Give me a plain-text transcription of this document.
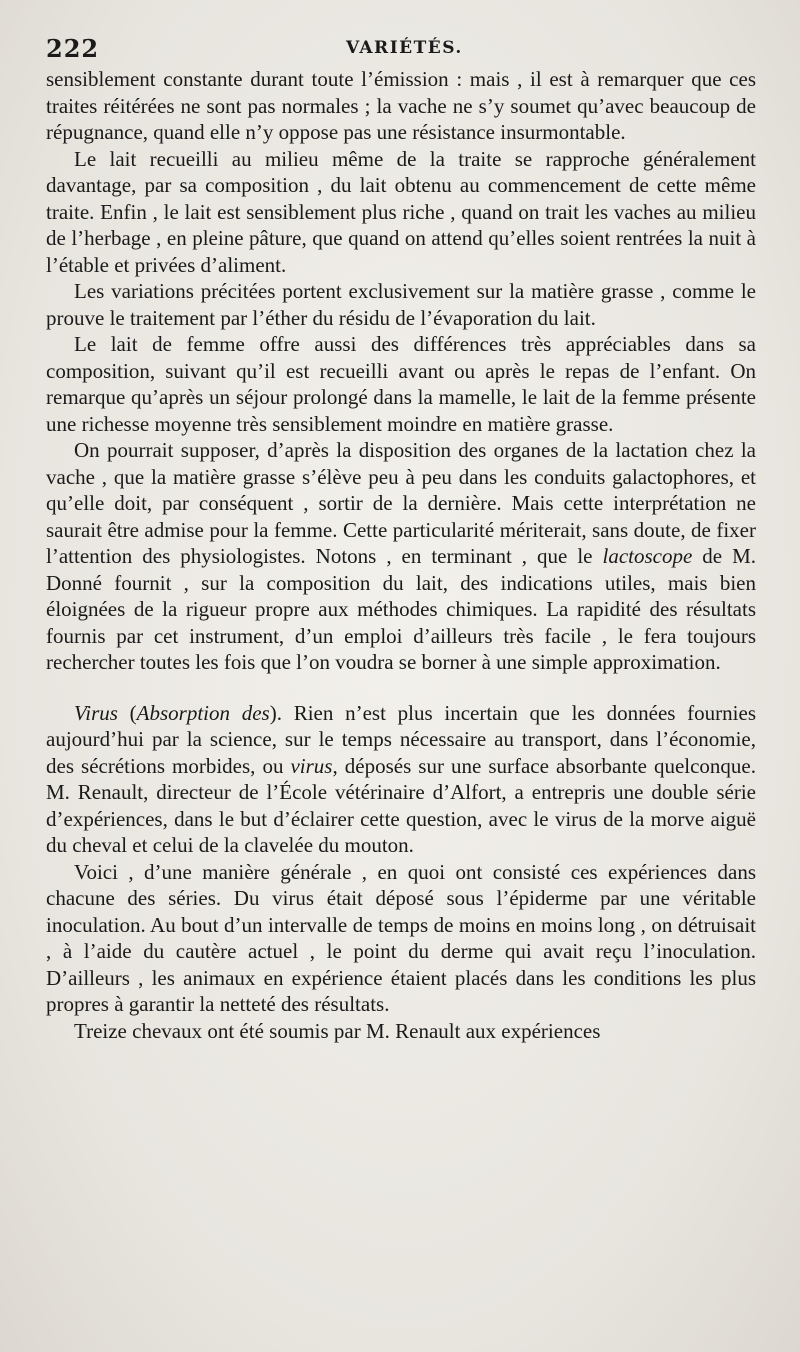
222	VARIÉTÉS.

sensiblement constante durant toute l’émission : mais , il est à remarquer que ces traites réitérées ne sont pas normales ; la vache ne s’y soumet qu’avec beaucoup de répugnance, quand elle n’y oppose pas une résistance insurmontable.

Le lait recueilli au milieu même de la traite se rapproche généralement davantage, par sa composition , du lait obtenu au commencement de cette même traite. Enfin , le lait est sensiblement plus riche , quand on trait les vaches au milieu de l’herbage , en pleine pâture, que quand on attend qu’elles soient rentrées la nuit à l’étable et privées d’aliment.

Les variations précitées portent exclusivement sur la matière grasse , comme le prouve le traitement par l’éther du résidu de l’évaporation du lait.

Le lait de femme offre aussi des différences très appréciables dans sa composition, suivant qu’il est recueilli avant ou après le repas de l’enfant. On remarque qu’après un séjour prolongé dans la mamelle, le lait de la femme présente une richesse moyenne très sensiblement moindre en matière grasse.

On pourrait supposer, d’après la disposition des organes de la lactation chez la vache , que la matière grasse s’élève peu à peu dans les conduits galactophores, et qu’elle doit, par conséquent , sortir de la dernière. Mais cette interprétation ne saurait être admise pour la femme. Cette particularité mériterait, sans doute, de fixer l’attention des physiologistes. Notons , en terminant , que le lactoscope de M. Donné fournit , sur la composition du lait, des indications utiles, mais bien éloignées de la rigueur propre aux méthodes chimiques. La rapidité des résultats fournis par cet instrument, d’un emploi d’ailleurs très facile , le fera toujours rechercher toutes les fois que l’on voudra se borner à une simple approximation.

Virus (Absorption des). Rien n’est plus incertain que les données fournies aujourd’hui par la science, sur le temps nécessaire au transport, dans l’économie, des sécrétions morbides, ou virus, déposés sur une surface absorbante quelconque. M. Renault, directeur de l’École vétérinaire d’Alfort, a entrepris une double série d’expériences, dans le but d’éclairer cette question, avec le virus de la morve aiguë du cheval et celui de la clavelée du mouton.

Voici , d’une manière générale , en quoi ont consisté ces expériences dans chacune des séries. Du virus était déposé sous l’épiderme par une véritable inoculation. Au bout d’un intervalle de temps de moins en moins long , on détruisait , à l’aide du cautère actuel , le point du derme qui avait reçu l’inoculation. D’ailleurs , les animaux en expérience étaient placés dans les conditions les plus propres à garantir la netteté des résultats.

Treize chevaux ont été soumis par M. Renault aux expériences
